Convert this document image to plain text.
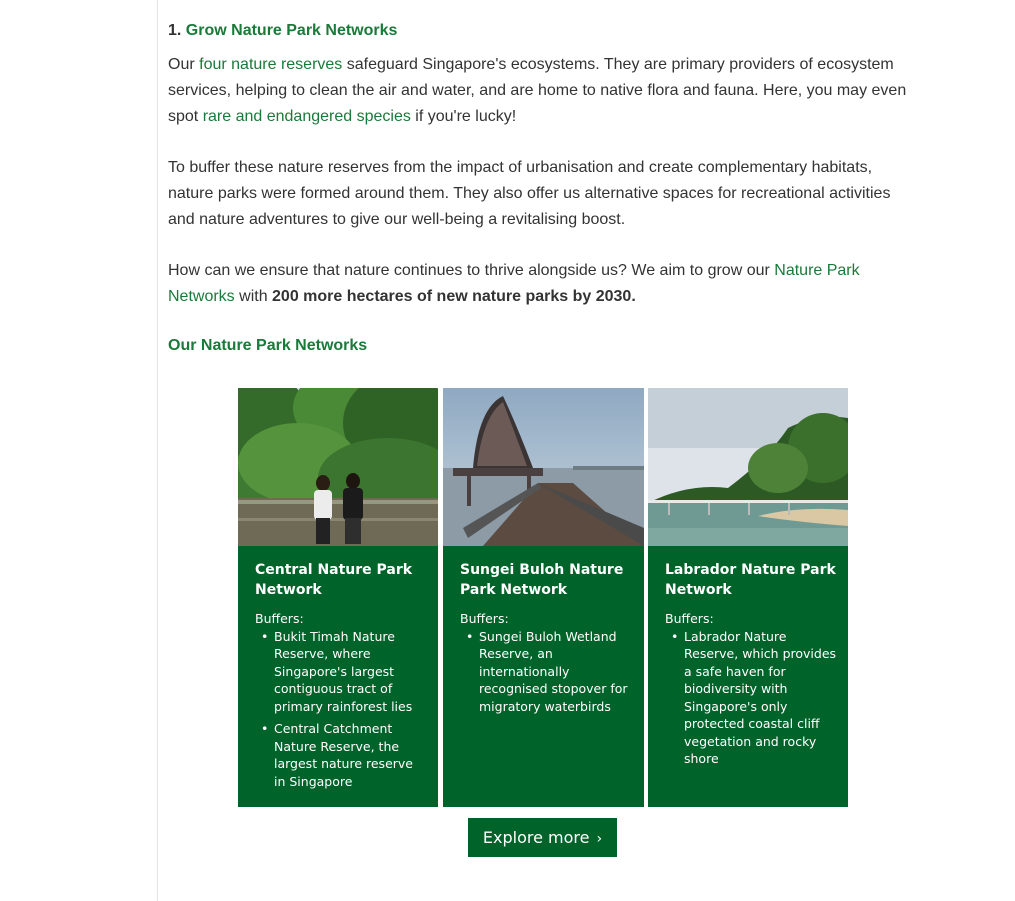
1. Grow Nature Park Networks

Our four nature reserves safeguard Singapore's ecosystems. They are primary providers of ecosystem services, helping to clean the air and water, and are home to native flora and fauna. Here, you may even spot rare and endangered species if you're lucky!

To buffer these nature reserves from the impact of urbanisation and create complementary habitats, nature parks were formed around them. They also offer us alternative spaces for recreational activities and nature adventures to give our well-being a revitalising boost.

How can we ensure that nature continues to thrive alongside us? We aim to grow our Nature Park Networks with 200 more hectares of new nature parks by 2030.

Our Nature Park Networks
Central Nature Park Network
Buffers:
• Bukit Timah Nature Reserve, where Singapore's largest contiguous tract of primary rainforest lies
• Central Catchment Nature Reserve, the largest nature reserve in Singapore
Sungei Buloh Nature Park Network
Buffers:
• Sungei Buloh Wetland Reserve, an internationally recognised stopover for migratory waterbirds
Labrador Nature Park Network
Buffers:
• Labrador Nature Reserve, which provides a safe haven for biodiversity with Singapore's only protected coastal cliff vegetation and rocky shore
Explore more ›
